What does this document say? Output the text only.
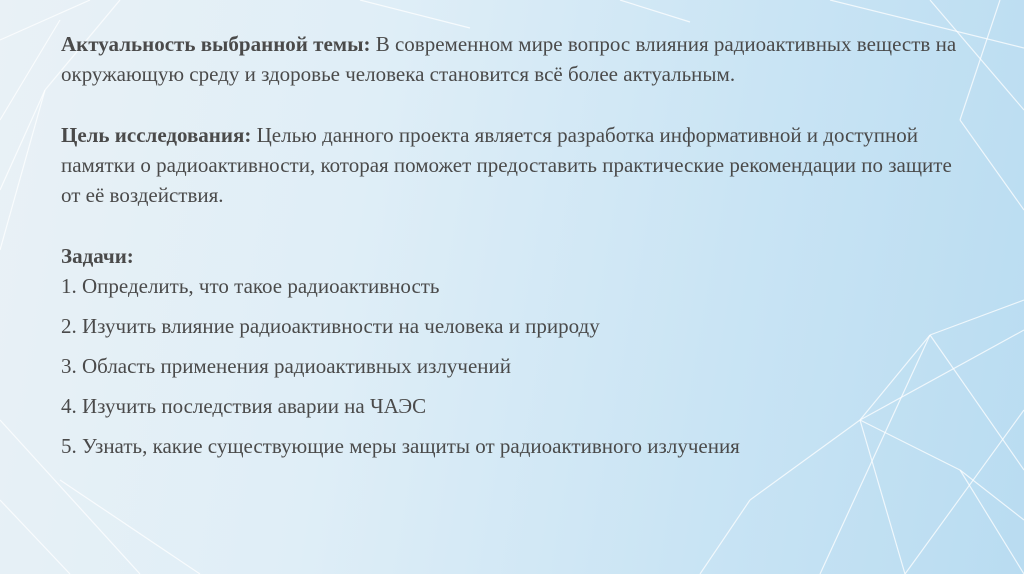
Актуальность выбранной темы: В современном мире вопрос влияния радиоактивных веществ на окружающую среду и здоровье человека становится всё более актуальным.

Цель исследования: Целью данного проекта является разработка информативной и доступной памятки о радиоактивности, которая поможет предоставить практические рекомендации по защите от её воздействия.

Задачи:

1. Определить, что такое радиоактивность

2. Изучить влияние радиоактивности на человека и природу

3. Область применения радиоактивных излучений

4. Изучить последствия аварии на ЧАЭС

5. Узнать, какие существующие меры защиты от радиоактивного излучения
